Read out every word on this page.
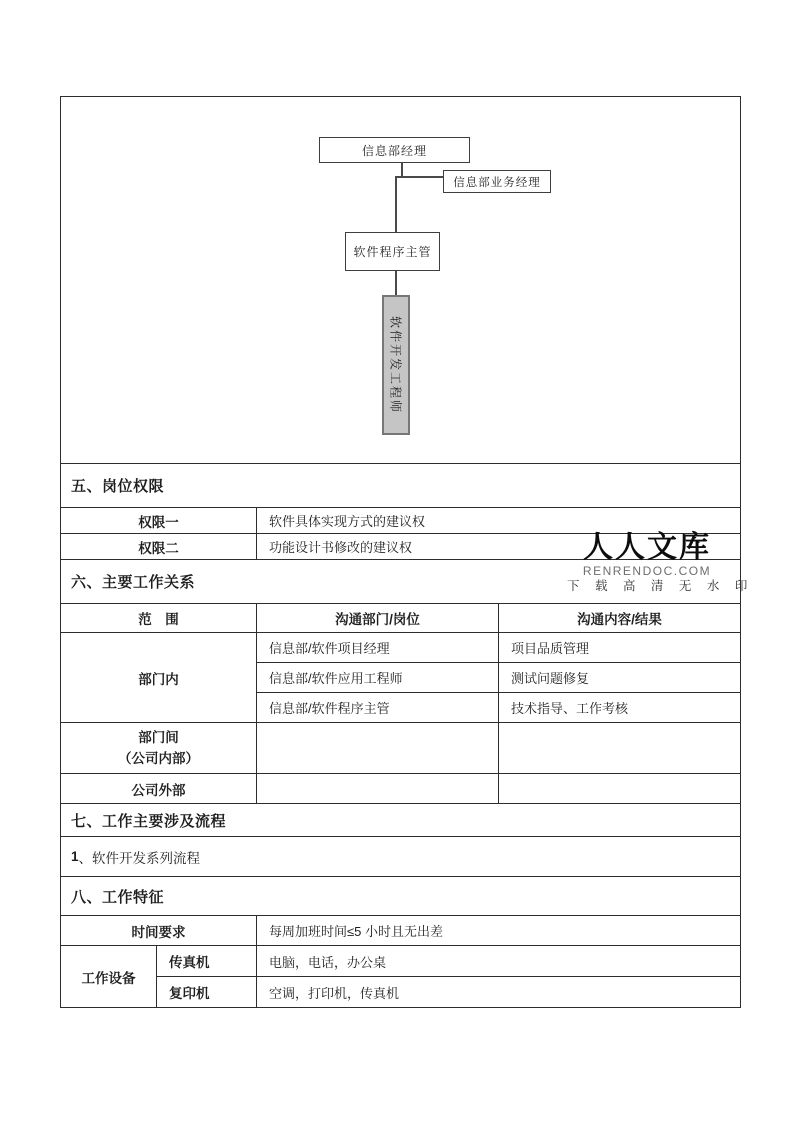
信息部经理
信息部业务经理
软件程序主管
软件开发工程师
五、岗位权限
权限一	软件具体实现方式的建议权
权限二	功能设计书修改的建议权
六、主要工作关系
范　围	沟通部门/岗位	沟通内容/结果
部门内
信息部/软件项目经理	项目品质管理
信息部/软件应用工程师	测试问题修复
信息部/软件程序主管	技术指导、工作考核
部门间
（公司内部）
公司外部
七、工作主要涉及流程
1 、软件开发系列流程
八、工作特征
时间要求	每周加班时间≤5 小时且无出差
工作设备
传真机	电脑，电话，办公桌
复印机	空调，打印机，传真机
人人文库
RENRENDOC.COM
下 载 高 清 无 水 印
